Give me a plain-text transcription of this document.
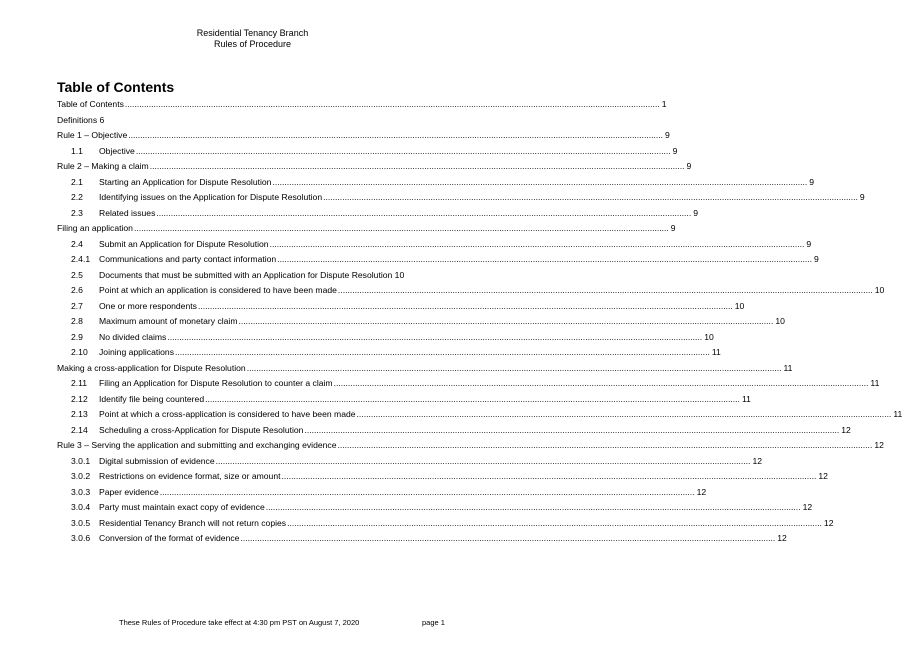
Residential Tenancy Branch
Rules of Procedure
Table of Contents
Table of Contents .....	1
Definitions 6
Rule 1 – Objective .....	9
1.1	Objective .....	9
Rule 2 – Making a claim .....	9
2.1	Starting an Application for Dispute Resolution .....	9
2.2	Identifying issues on the Application for Dispute Resolution .....	9
2.3	Related issues .....	9
Filing an application .....	9
2.4	Submit an Application for Dispute Resolution .....	9
2.4.1	Communications and party contact information .....	9
2.5	Documents that must be submitted with an Application for Dispute Resolution 10
2.6	Point at which an application is considered to have been made .....	10
2.7	One or more respondents .....	10
2.8	Maximum amount of monetary claim .....	10
2.9	No divided claims .....	10
2.10	Joining applications .....	11
Making a cross-application for Dispute Resolution .....	11
2.11	Filing an Application for Dispute Resolution to counter a claim .....	11
2.12	Identify file being countered .....	11
2.13	Point at which a cross-application is considered to have been made .....	11
2.14	Scheduling a cross-Application for Dispute Resolution .....	12
Rule 3 – Serving the application and submitting and exchanging evidence .....	12
3.0.1	Digital submission of evidence .....	12
3.0.2	Restrictions on evidence format, size or amount .....	12
3.0.3	Paper evidence .....	12
3.0.4	Party must maintain exact copy of evidence .....	12
3.0.5	Residential Tenancy Branch will not return copies .....	12
3.0.6	Conversion of the format of evidence .....	12
These Rules of Procedure take effect at 4:30 pm PST on August 7, 2020	page 1
